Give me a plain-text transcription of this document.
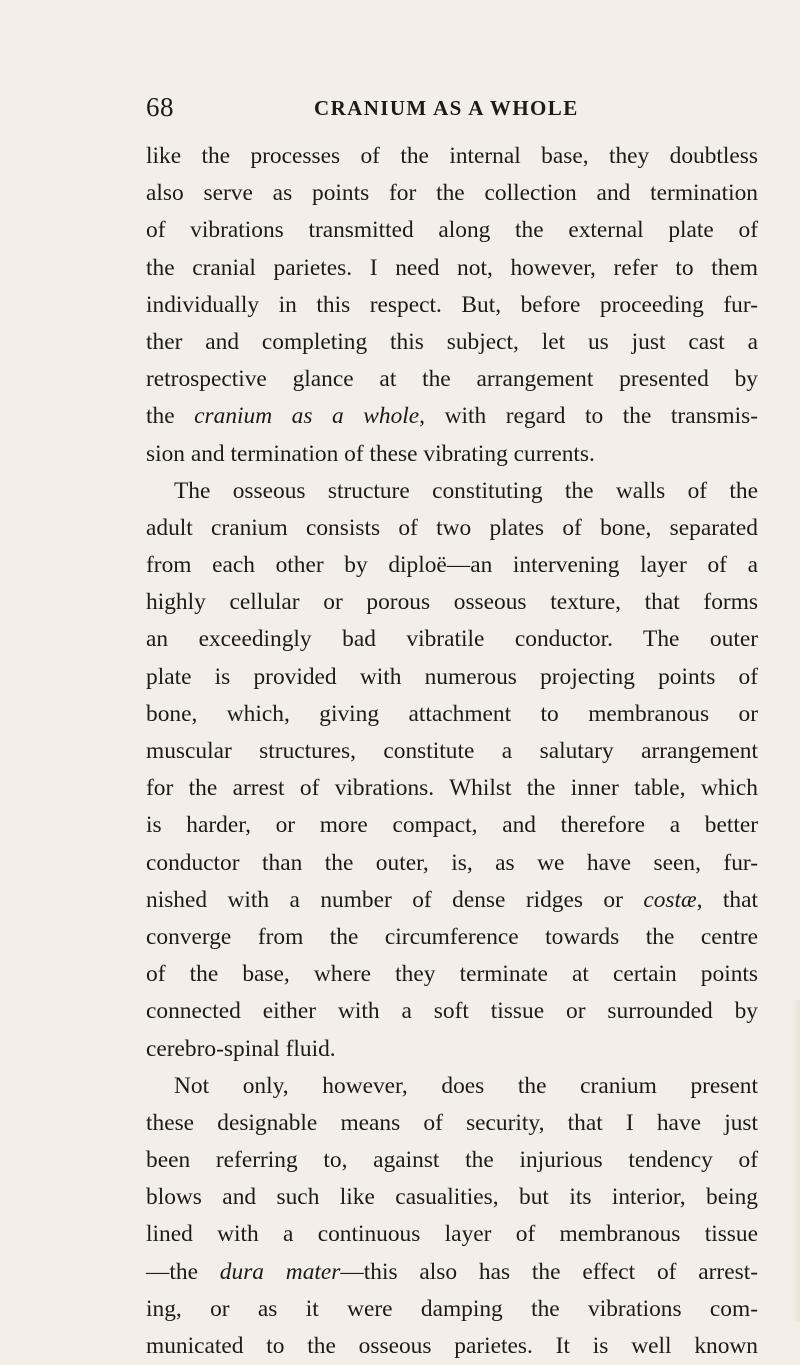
68	CRANIUM AS A WHOLE
like the processes of the internal base, they doubtless
also serve as points for the collection and termination
of vibrations transmitted along the external plate of
the cranial parietes. I need not, however, refer to them
individually in this respect. But, before proceeding fur-
ther and completing this subject, let us just cast a
retrospective glance at the arrangement presented by
the cranium as a whole, with regard to the transmis-
sion and termination of these vibrating currents.
The osseous structure constituting the walls of the
adult cranium consists of two plates of bone, separated
from each other by diploë—an intervening layer of a
highly cellular or porous osseous texture, that forms
an exceedingly bad vibratile conductor. The outer
plate is provided with numerous projecting points of
bone, which, giving attachment to membranous or
muscular structures, constitute a salutary arrangement
for the arrest of vibrations. Whilst the inner table, which
is harder, or more compact, and therefore a better
conductor than the outer, is, as we have seen, fur-
nished with a number of dense ridges or costæ, that
converge from the circumference towards the centre
of the base, where they terminate at certain points
connected either with a soft tissue or surrounded by
cerebro-spinal fluid.
Not only, however, does the cranium present
these designable means of security, that I have just
been referring to, against the injurious tendency of
blows and such like casualities, but its interior, being
lined with a continuous layer of membranous tissue
—the dura mater—this also has the effect of arrest-
ing, or as it were damping the vibrations com-
municated to the osseous parietes. It is well known
